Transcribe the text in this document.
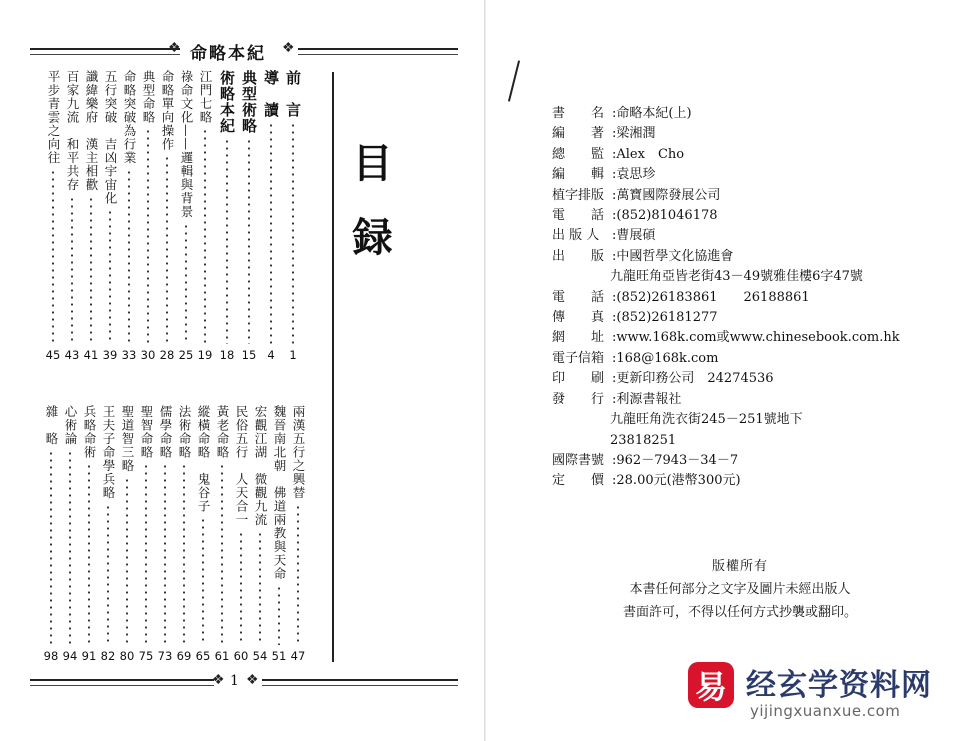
❖ 命略本紀 ❖
目録
前　言
1
導　讀
4
典型術略
15
術略本紀
18
江門七略
19
祿命文化——邏輯與背景
25
命略單向操作
28
典型命略
30
命略突破為行業
33
五行突破　吉凶宇宙化
39
讖緯樂府　漢主相歡
41
百家九流　和平共存
43
平步青雲之向往
45
兩漢五行之興替
47
魏晉南北朝　佛道兩教與天命
51
宏觀江湖　微觀九流
54
民俗五行　人天合一
60
黃老命略
61
縱橫命略　鬼谷子
65
法術命略
69
儒學命略
73
聖智命略
75
聖道智三略
80
王夫子命學兵略
82
兵略命術
91
心術論
94
雜　略
98
❖ 1 ❖
書　　名 : 命略本紀(上)
編　　著 : 梁湘潤
總　　監 : Alex　Cho
編　　輯 : 袁思珍
植字排版 : 萬寶國際發展公司
電　　話 : (852)81046178
出 版 人 : 曹展碩
出　　版 : 中國哲學文化協進會
九龍旺角亞皆老街43－49號雅佳樓6字47號
電　　話 : (852)26183861　　26188861
傳　　真 : (852)26181277
網　　址 : www.168k.com或www.chinesebook.com.hk
電子信箱 : 168@168k.com
印　　刷 : 更新印務公司　24274536
發　　行 : 利源書報社
九龍旺角洗衣街245－251號地下
23818251
國際書號 : 962－7943－34－7
定　　價 : 28.00元(港幣300元)
版權所有
本書任何部分之文字及圖片未經出版人
書面許可，不得以任何方式抄襲或翻印。
易 经玄学资料网
yijingxuanxue.com
